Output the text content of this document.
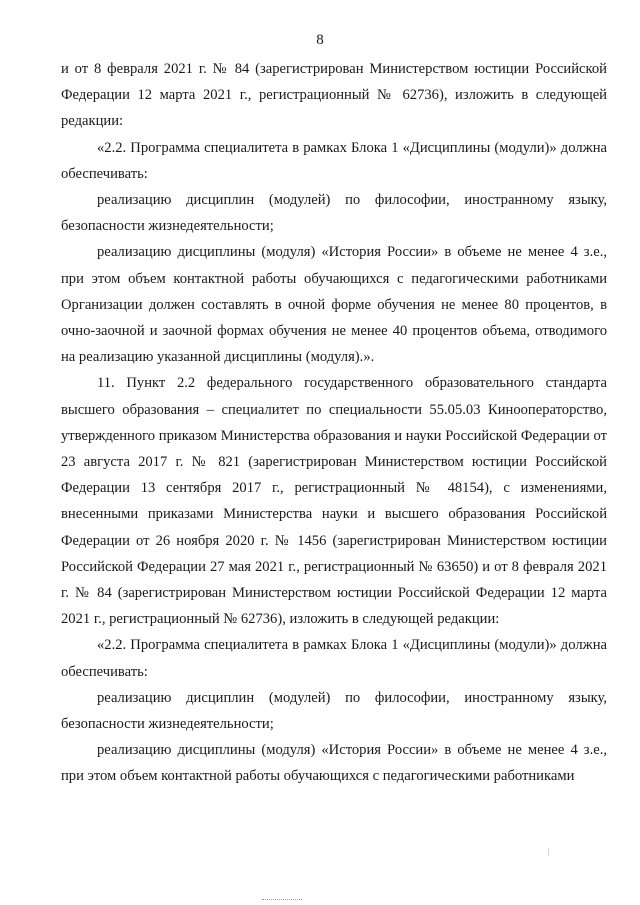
8

и от 8 февраля 2021 г. № 84 (зарегистрирован Министерством юстиции Российской Федерации 12 марта 2021 г., регистрационный № 62736), изложить в следующей редакции:

«2.2. Программа специалитета в рамках Блока 1 «Дисциплины (модули)» должна обеспечивать:

реализацию дисциплин (модулей) по философии, иностранному языку, безопасности жизнедеятельности;

реализацию дисциплины (модуля) «История России» в объеме не менее 4 з.е., при этом объем контактной работы обучающихся с педагогическими работниками Организации должен составлять в очной форме обучения не менее 80 процентов, в очно-заочной и заочной формах обучения не менее 40 процентов объема, отводимого на реализацию указанной дисциплины (модуля).».

11. Пункт 2.2 федерального государственного образовательного стандарта высшего образования – специалитет по специальности 55.05.03 Кинооператорство, утвержденного приказом Министерства образования и науки Российской Федерации от 23 августа 2017 г. № 821 (зарегистрирован Министерством юстиции Российской Федерации 13 сентября 2017 г., регистрационный № 48154), с изменениями, внесенными приказами Министерства науки и высшего образования Российской Федерации от 26 ноября 2020 г. № 1456 (зарегистрирован Министерством юстиции Российской Федерации 27 мая 2021 г., регистрационный № 63650) и от 8 февраля 2021 г. № 84 (зарегистрирован Министерством юстиции Российской Федерации 12 марта 2021 г., регистрационный № 62736), изложить в следующей редакции:

«2.2. Программа специалитета в рамках Блока 1 «Дисциплины (модули)» должна обеспечивать:

реализацию дисциплин (модулей) по философии, иностранному языку, безопасности жизнедеятельности;

реализацию дисциплины (модуля) «История России» в объеме не менее 4 з.е., при этом объем контактной работы обучающихся с педагогическими работниками
